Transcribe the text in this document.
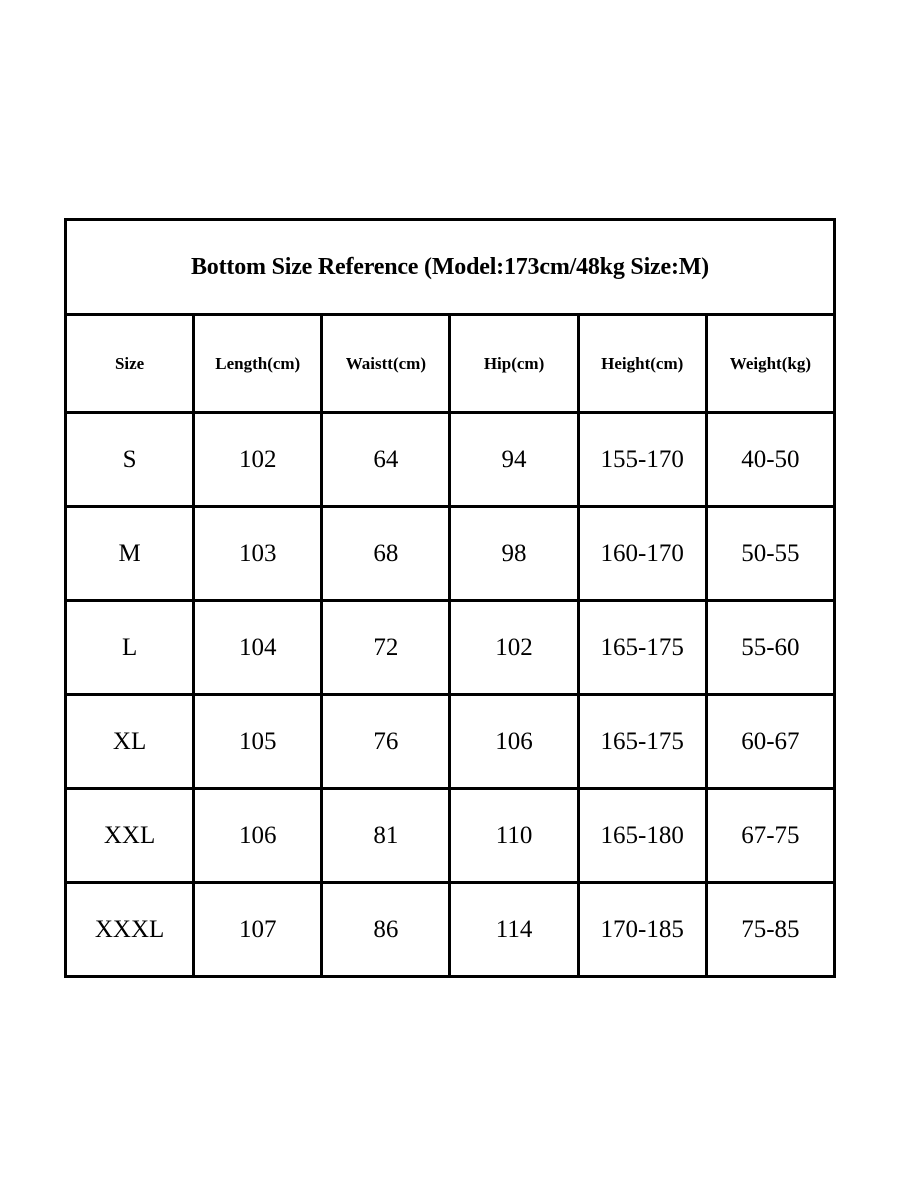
Bottom Size Reference (Model:173cm/48kg Size:M)					
Size	Length(cm)	Waistt(cm)	Hip(cm)	Height(cm)	Weight(kg)
S	102	64	94	155-170	40-50
M	103	68	98	160-170	50-55
L	104	72	102	165-175	55-60
XL	105	76	106	165-175	60-67
XXL	106	81	110	165-180	67-75
XXXL	107	86	114	170-185	75-85
